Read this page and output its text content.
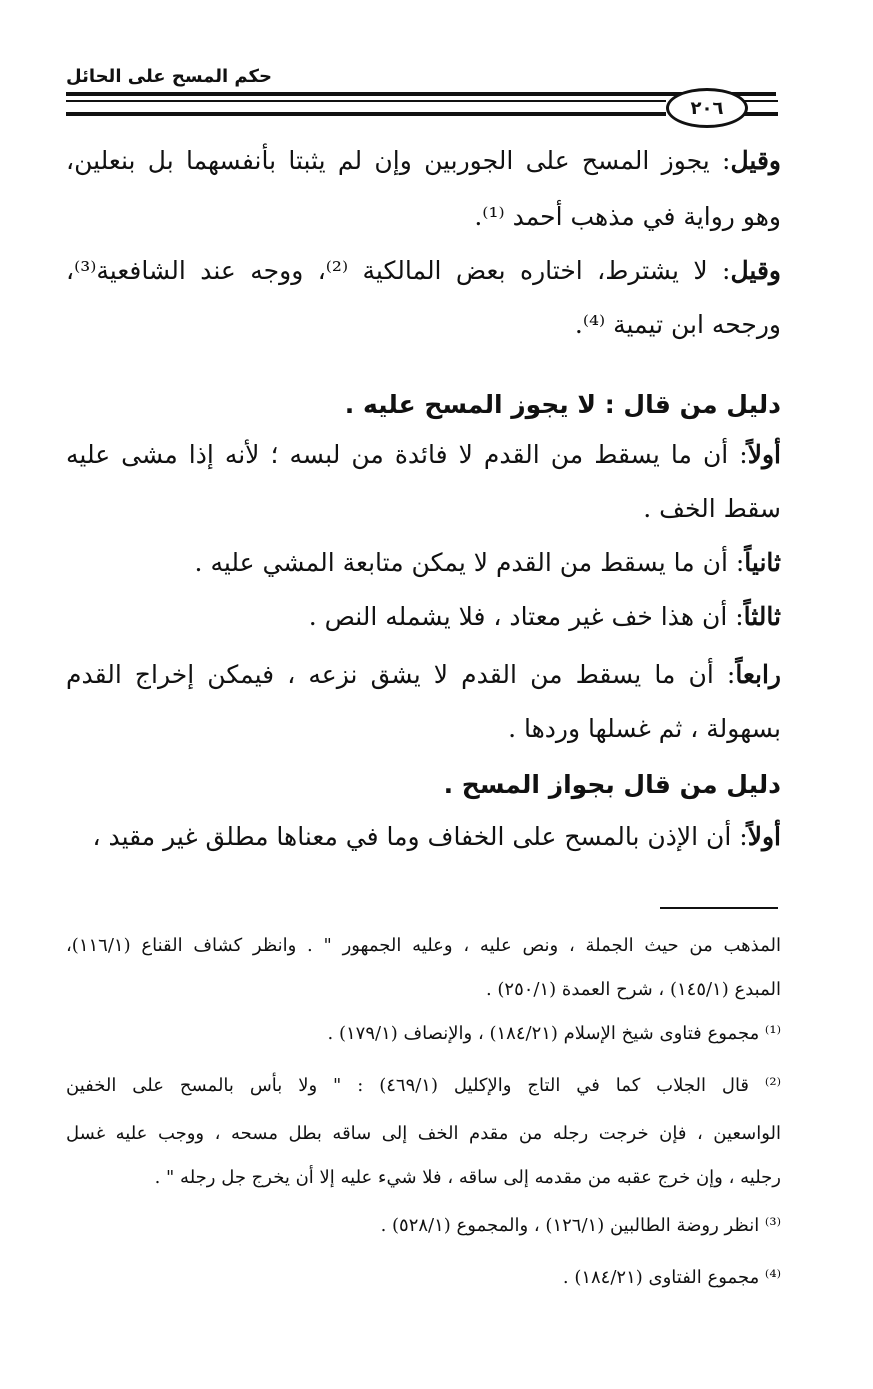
حكم المسح على الحائل
٢٠٦
وقيل: يجوز المسح على الجوربين وإن لم يثبتا بأنفسهما بل بنعلين،
وهو رواية في مذهب أحمد ⁽¹⁾.
وقيل: لا يشترط، اختاره بعض المالكية ⁽²⁾، ووجه عند الشافعية⁽³⁾،
ورجحه ابن تيمية ⁽⁴⁾.
دليل من قال : لا يجوز المسح عليه .
أولاً: أن ما يسقط من القدم لا فائدة من لبسه ؛ لأنه إذا مشى عليه
سقط الخف .
ثانياً: أن ما يسقط من القدم لا يمكن متابعة المشي عليه .
ثالثاً: أن هذا خف غير معتاد ، فلا يشمله النص .
رابعاً: أن ما يسقط من القدم لا يشق نزعه ، فيمكن إخراج القدم
بسهولة ، ثم غسلها وردها .
دليل من قال بجواز المسح .
أولاً: أن الإذن بالمسح على الخفاف وما في معناها مطلق غير مقيد ،
المذهب من حيث الجملة ، ونص عليه ، وعليه الجمهور " . وانظر كشاف القناع (١١٦/١)،
المبدع (١٤٥/١) ، شرح العمدة (٢٥٠/١) .
⁽¹⁾ مجموع فتاوى شيخ الإسلام (١٨٤/٢١) ، والإنصاف (١٧٩/١) .
⁽²⁾ قال الجلاب كما في التاج والإكليل (٤٦٩/١) : " ولا بأس بالمسح على الخفين
الواسعين ، فإن خرجت رجله من مقدم الخف إلى ساقه بطل مسحه ، ووجب عليه غسل
رجليه ، وإن خرج عقبه من مقدمه إلى ساقه ، فلا شيء عليه إلا أن يخرج جل رجله " .
⁽³⁾ انظر روضة الطالبين (١٢٦/١) ، والمجموع (٥٢٨/١) .
⁽⁴⁾ مجموع الفتاوى (١٨٤/٢١) .
